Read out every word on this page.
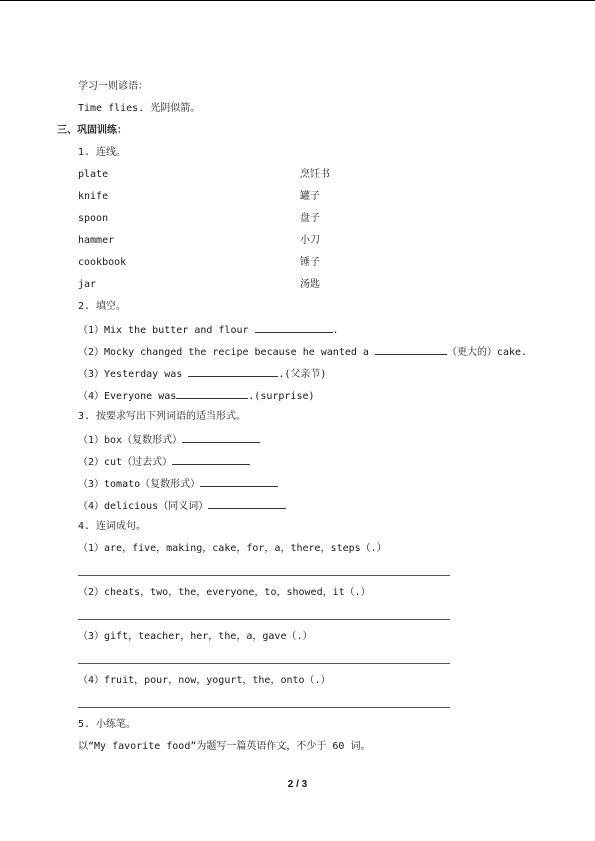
学习一则谚语：
Time flies. 光阴似箭。
三、巩固训练：
1. 连线。
plate	烹饪书
knife	罐子
spoon	盘子
hammer	小刀
cookbook	锤子
jar	汤匙
2. 填空。
（1）Mix the butter and flour	.
（2）Mocky changed the recipe because he wanted a	（更大的）cake.
（3）Yesterday was	.(父亲节)
（4）Everyone was	.(surprise)
3. 按要求写出下列词语的适当形式。
（1）box（复数形式）
（2）cut（过去式）
（3）tomato（复数形式）
（4）delicious（同义词）
4. 连词成句。
（1）are，five，making，cake，for，a，there，steps（.）
（2）cheats，two，the，everyone，to，showed，it（.）
（3）gift，teacher，her，the，a，gave（.）
（4）fruit，pour，now，yogurt，the，onto（.）
5. 小练笔。
以“My favorite food”为题写一篇英语作文，不少于 60 词。
2 / 3
